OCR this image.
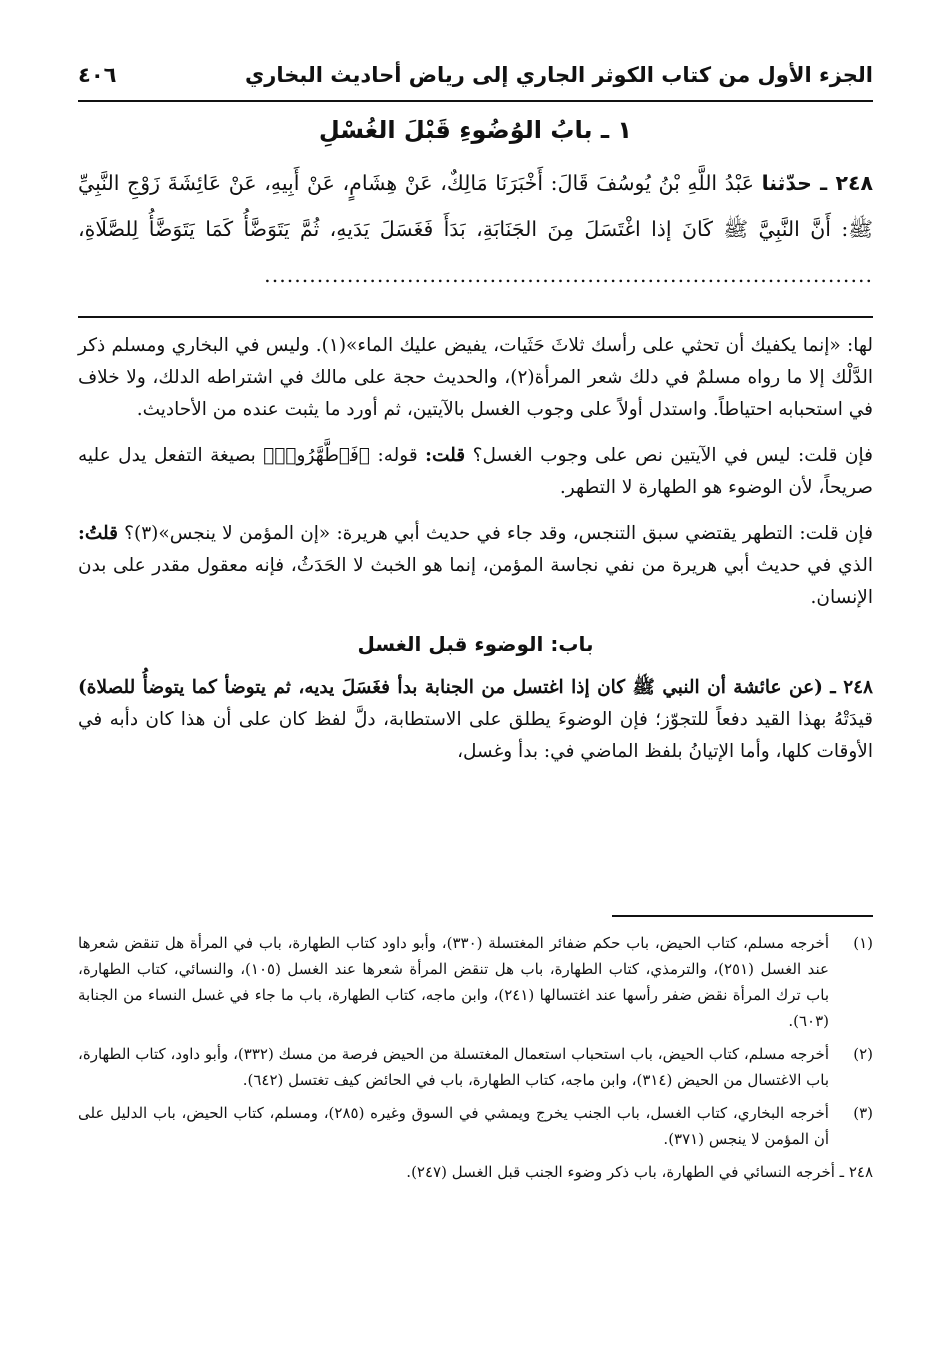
الجزء الأول من كتاب الكوثر الجاري إلى رياض أحاديث البخاري
٤٠٦
١ ـ بابُ الوُضُوءِ قَبْلَ الغُسْلِ
٢٤٨ ـ حدّثنا عَبْدُ اللَّهِ بْنُ يُوسُفَ قَالَ: أَخْبَرَنَا مَالِكٌ، عَنْ هِشَامٍ، عَنْ أَبِيهِ، عَنْ عَائِشَةَ زَوْجِ النَّبِيِّ ﷺ: أَنَّ النَّبِيَّ ﷺ كَانَ إذا اغْتَسَلَ مِنَ الجَنَابَةِ، بَدَأَ فَغَسَلَ يَدَيهِ، ثُمَّ يَتَوَضَّأُ كَمَا يَتَوَضَّأُ لِلصَّلَاةِ، .................................................................................

لها: «إنما يكفيك أن تحثي على رأسك ثلاثَ حَثَيات، يفيض عليك الماء»(١). وليس في البخاري ومسلم ذكر الدَّلْك إلا ما رواه مسلمٌ في دلك شعر المرأة(٢)، والحديث حجة على مالك في اشتراطه الدلك، ولا خلاف في استحبابه احتياطاً. واستدل أولاً على وجوب الغسل بالآيتين، ثم أورد ما يثبت عنده من الأحاديث.

فإن قلت: ليس في الآيتين نص على وجوب الغسل؟ قلت: قوله: ﴿فَٱطَّهَّرُوا۟﴾ بصيغة التفعل يدل عليه صريحاً، لأن الوضوء هو الطهارة لا التطهر.

فإن قلت: التطهر يقتضي سبق التنجس، وقد جاء في حديث أبي هريرة: «إن المؤمن لا ينجس»(٣)؟ قلتُ: الذي في حديث أبي هريرة من نفي نجاسة المؤمن، إنما هو الخبث لا الحَدَثُ، فإنه معقول مقدر على بدن الإنسان.

باب: الوضوء قبل الغسل

٢٤٨ ـ (عن عائشة أن النبي ﷺ كان إذا اغتسل من الجنابة بدأ فغَسَلَ يديه، ثم يتوضأ كما يتوضأُ للصلاة) قيدَتْهُ بهذا القيد دفعاً للتجوّز؛ فإن الوضوءَ يطلق على الاستطابة، دلَّ لفظ كان على أن هذا كان دأبه في الأوقات كلها، وأما الإتيانُ بلفظ الماضي في: بدأ وغسل،

(١)
أخرجه مسلم، كتاب الحيض، باب حكم ضفائر المغتسلة (٣٣٠)، وأبو داود كتاب الطهارة، باب في المرأة هل تنقض شعرها عند الغسل (٢٥١)، والترمذي، كتاب الطهارة، باب هل تنقض المرأة شعرها عند الغسل (١٠٥)، والنسائي، كتاب الطهارة، باب ترك المرأة نقض ضفر رأسها عند اغتسالها (٢٤١)، وابن ماجه، كتاب الطهارة، باب ما جاء في غسل النساء من الجنابة (٦٠٣).
(٢)
أخرجه مسلم، كتاب الحيض، باب استحباب استعمال المغتسلة من الحيض فرصة من مسك (٣٣٢)، وأبو داود، كتاب الطهارة، باب الاغتسال من الحيض (٣١٤)، وابن ماجه، كتاب الطهارة، باب في الحائض كيف تغتسل (٦٤٢).
(٣)
أخرجه البخاري، كتاب الغسل، باب الجنب يخرج ويمشي في السوق وغيره (٢٨٥)، ومسلم، كتاب الحيض، باب الدليل على أن المؤمن لا ينجس (٣٧١).
٢٤٨ ـ أخرجه النسائي في الطهارة، باب ذكر وضوء الجنب قبل الغسل (٢٤٧).
